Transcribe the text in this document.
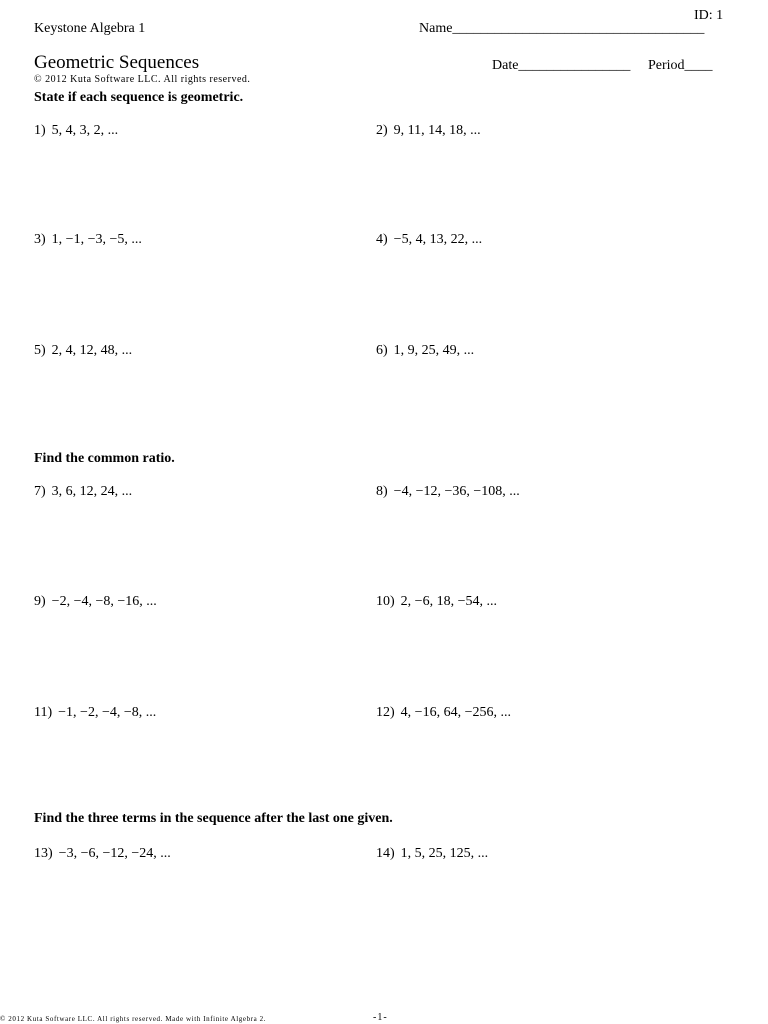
ID: 1
Keystone Algebra 1	Name____________________________________
Geometric Sequences	Date________________ Period____
© 2012 Kuta Software LLC. All rights reserved.
State if each sequence is geometric.
1) 5, 4, 3, 2, ...	2) 9, 11, 14, 18, ...
3) 1, −1, −3, −5, ...	4) −5, 4, 13, 22, ...
5) 2, 4, 12, 48, ...	6) 1, 9, 25, 49, ...
Find the common ratio.
7) 3, 6, 12, 24, ...	8) −4, −12, −36, −108, ...
9) −2, −4, −8, −16, ...	10) 2, −6, 18, −54, ...
11) −1, −2, −4, −8, ...	12) 4, −16, 64, −256, ...
Find the three terms in the sequence after the last one given.
13) −3, −6, −12, −24, ...	14) 1, 5, 25, 125, ...
© 2012 Kuta Software LLC. All rights reserved. Made with Infinite Algebra 2.	-1-
